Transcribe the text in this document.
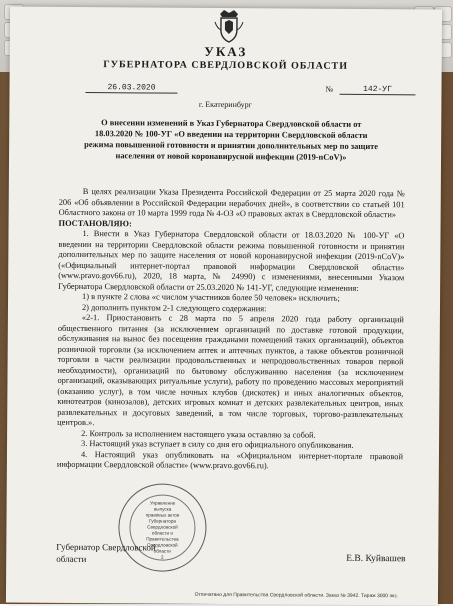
УКАЗ
ГУБЕРНАТОРА СВЕРДЛОВСКОЙ ОБЛАСТИ
26.03.2020	№	142-УГ
г. Екатеринбург
О внесении изменений в Указ Губернатора Свердловской области от 18.03.2020 № 100-УГ «О введении на территории Свердловской области режима повышенной готовности и принятии дополнительных мер по защите населения от новой коронавирусной инфекции (2019-nCoV)»

В целях реализации Указа Президента Российской Федерации от 25 марта 2020 года № 206 «Об объявлении в Российской Федерации нерабочих дней», в соответствии со статьей 101 Областного закона от 10 марта 1999 года № 4-ОЗ «О правовых актах в Свердловской области»

ПОСТАНОВЛЯЮ:

1. Внести в Указ Губернатора Свердловской области от 18.03.2020 № 100-УГ «О введении на территории Свердловской области режима повышенной готовности и принятии дополнительных мер по защите населения от новой коронавирусной инфекции (2019-nCoV)» («Официальный интернет-портал правовой информации Свердловской области» (www.pravo.gov66.ru), 2020, 18 марта, № 24990) с изменениями, внесенными Указом Губернатора Свердловской области от 25.03.2020 № 141-УГ, следующие изменения:

1) в пункте 2 слова «с числом участников более 50 человек» исключить;

2) дополнить пунктом 2-1 следующего содержания:

«2-1. Приостановить с 28 марта по 5 апреля 2020 года работу организаций общественного питания (за исключением организаций по доставке готовой продукции, обслуживания на вынос без посещения гражданами помещений таких организаций), объектов розничной торговли (за исключением аптек и аптечных пунктов, а также объектов розничной торговли в части реализации продовольственных и непродовольственных товаров первой необходимости), организаций по бытовому обслуживанию населения (за исключением организаций, оказывающих ритуальные услуги), работу по проведению массовых мероприятий (оказанию услуг), в том числе ночных клубов (дискотек) и иных аналогичных объектов, кинотеатров (кинозалов), детских игровых комнат и детских развлекательных центров, иных развлекательных и досуговых заведений, в том числе торговых, торгово-развлекательных центров.».

2. Контроль за исполнением настоящего указа оставляю за собой.

3. Настоящий указ вступает в силу со дня его официального опубликования.

4. Настоящий указ опубликовать на «Официальном интернет-портале правовой информации Свердловской области» (www.pravo.gov66.ru).

Управление
выпуска
правовых актов
Губернатора
Свердловской
области и
Правительства
Свердловской
области
2
Губернатор Свердловской области	Е.В. Куйвашев
Отпечатано для Правительства Свердловской области. Заказ № 3942. Тираж 3000 экз.
